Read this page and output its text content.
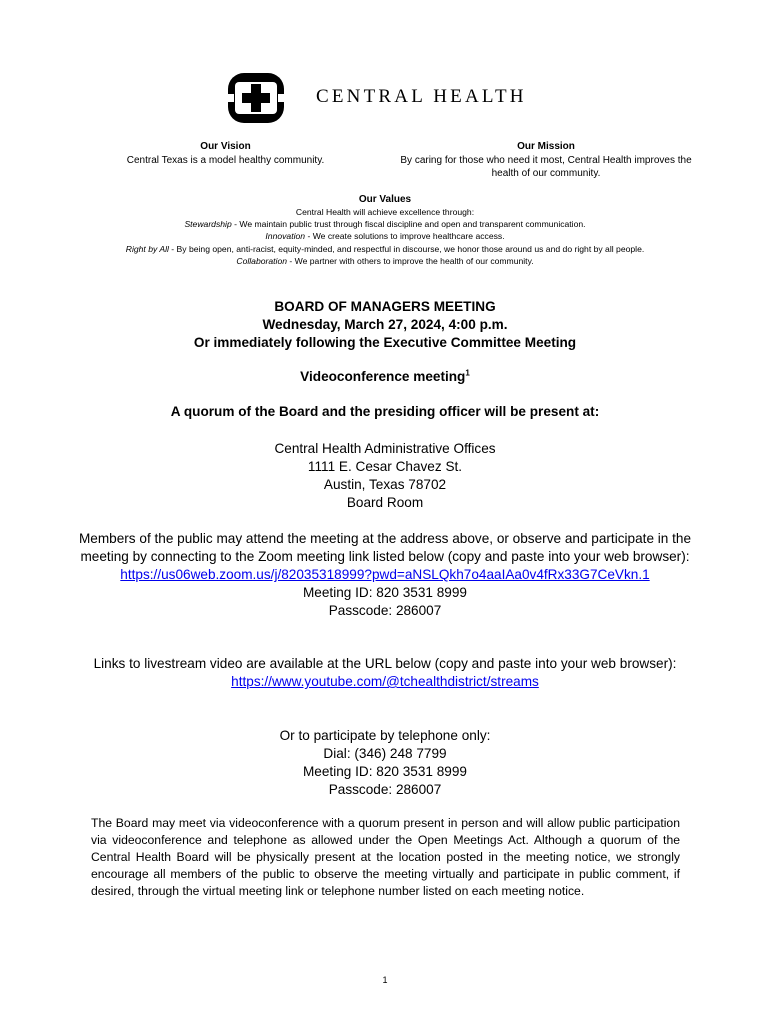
CENTRAL HEALTH
Our Vision
Central Texas is a model healthy community.
Our Mission
By caring for those who need it most, Central Health improves the health of our community.
Our Values
Central Health will achieve excellence through:
Stewardship - We maintain public trust through fiscal discipline and open and transparent communication.
Innovation - We create solutions to improve healthcare access.
Right by All - By being open, anti-racist, equity-minded, and respectful in discourse, we honor those around us and do right by all people.
Collaboration - We partner with others to improve the health of our community.
BOARD OF MANAGERS MEETING
Wednesday, March 27, 2024, 4:00 p.m.
Or immediately following the Executive Committee Meeting
Videoconference meeting$^1$
A quorum of the Board and the presiding officer will be present at:
Central Health Administrative Offices
1111 E. Cesar Chavez St.
Austin, Texas 78702
Board Room
Members of the public may attend the meeting at the address above, or observe and participate in the meeting by connecting to the Zoom meeting link listed below (copy and paste into your web browser):
https://us06web.zoom.us/j/82035318999?pwd=aNSLQkh7o4aaIAa0v4fRx33G7CeVkn.1
Meeting ID: 820 3531 8999
Passcode: 286007
Links to livestream video are available at the URL below (copy and paste into your web browser):
https://www.youtube.com/@tchealthdistrict/streams
Or to participate by telephone only:
Dial: (346) 248 7799
Meeting ID: 820 3531 8999
Passcode: 286007
The Board may meet via videoconference with a quorum present in person and will allow public participation via videoconference and telephone as allowed under the Open Meetings Act. Although a quorum of the Central Health Board will be physically present at the location posted in the meeting notice, we strongly encourage all members of the public to observe the meeting virtually and participate in public comment, if desired, through the virtual meeting link or telephone number listed on each meeting notice.
1
